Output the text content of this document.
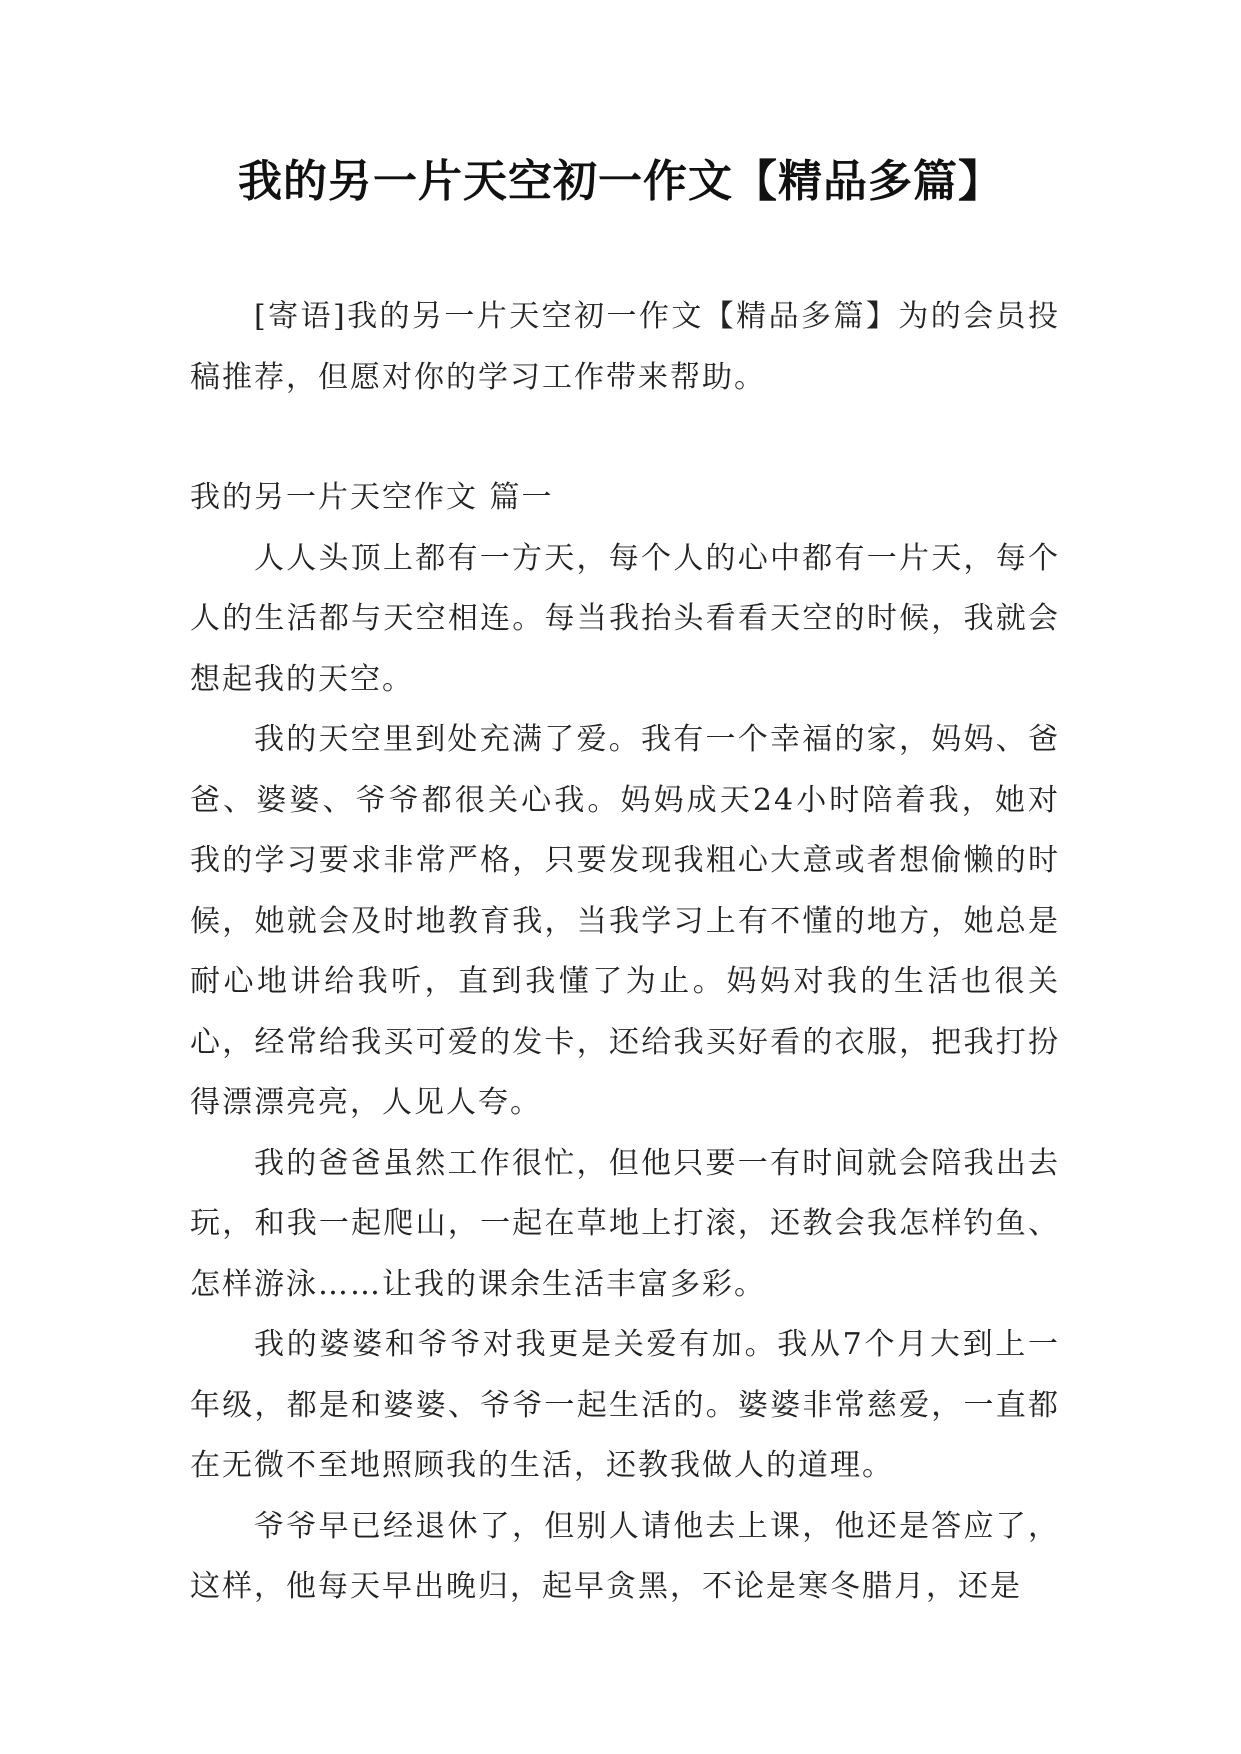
我的另一片天空初一作文【精品多篇】

[寄语]我的另一片天空初一作文【精品多篇】为的会员投稿推荐，但愿对你的学习工作带来帮助。

我的另一片天空作文 篇一

人人头顶上都有一方天，每个人的心中都有一片天，每个人的生活都与天空相连。每当我抬头看看天空的时候，我就会想起我的天空。

我的天空里到处充满了爱。我有一个幸福的家，妈妈、爸爸、婆婆、爷爷都很关心我。妈妈成天24小时陪着我，她对我的学习要求非常严格，只要发现我粗心大意或者想偷懒的时候，她就会及时地教育我，当我学习上有不懂的地方，她总是耐心地讲给我听，直到我懂了为止。妈妈对我的生活也很关心，经常给我买可爱的发卡，还给我买好看的衣服，把我打扮得漂漂亮亮，人见人夸。

我的爸爸虽然工作很忙，但他只要一有时间就会陪我出去玩，和我一起爬山，一起在草地上打滚，还教会我怎样钓鱼、怎样游泳……让我的课余生活丰富多彩。

我的婆婆和爷爷对我更是关爱有加。我从7个月大到上一年级，都是和婆婆、爷爷一起生活的。婆婆非常慈爱，一直都在无微不至地照顾我的生活，还教我做人的道理。

爷爷早已经退休了，但别人请他去上课，他还是答应了，这样，他每天早出晚归，起早贪黑，不论是寒冬腊月，还是
